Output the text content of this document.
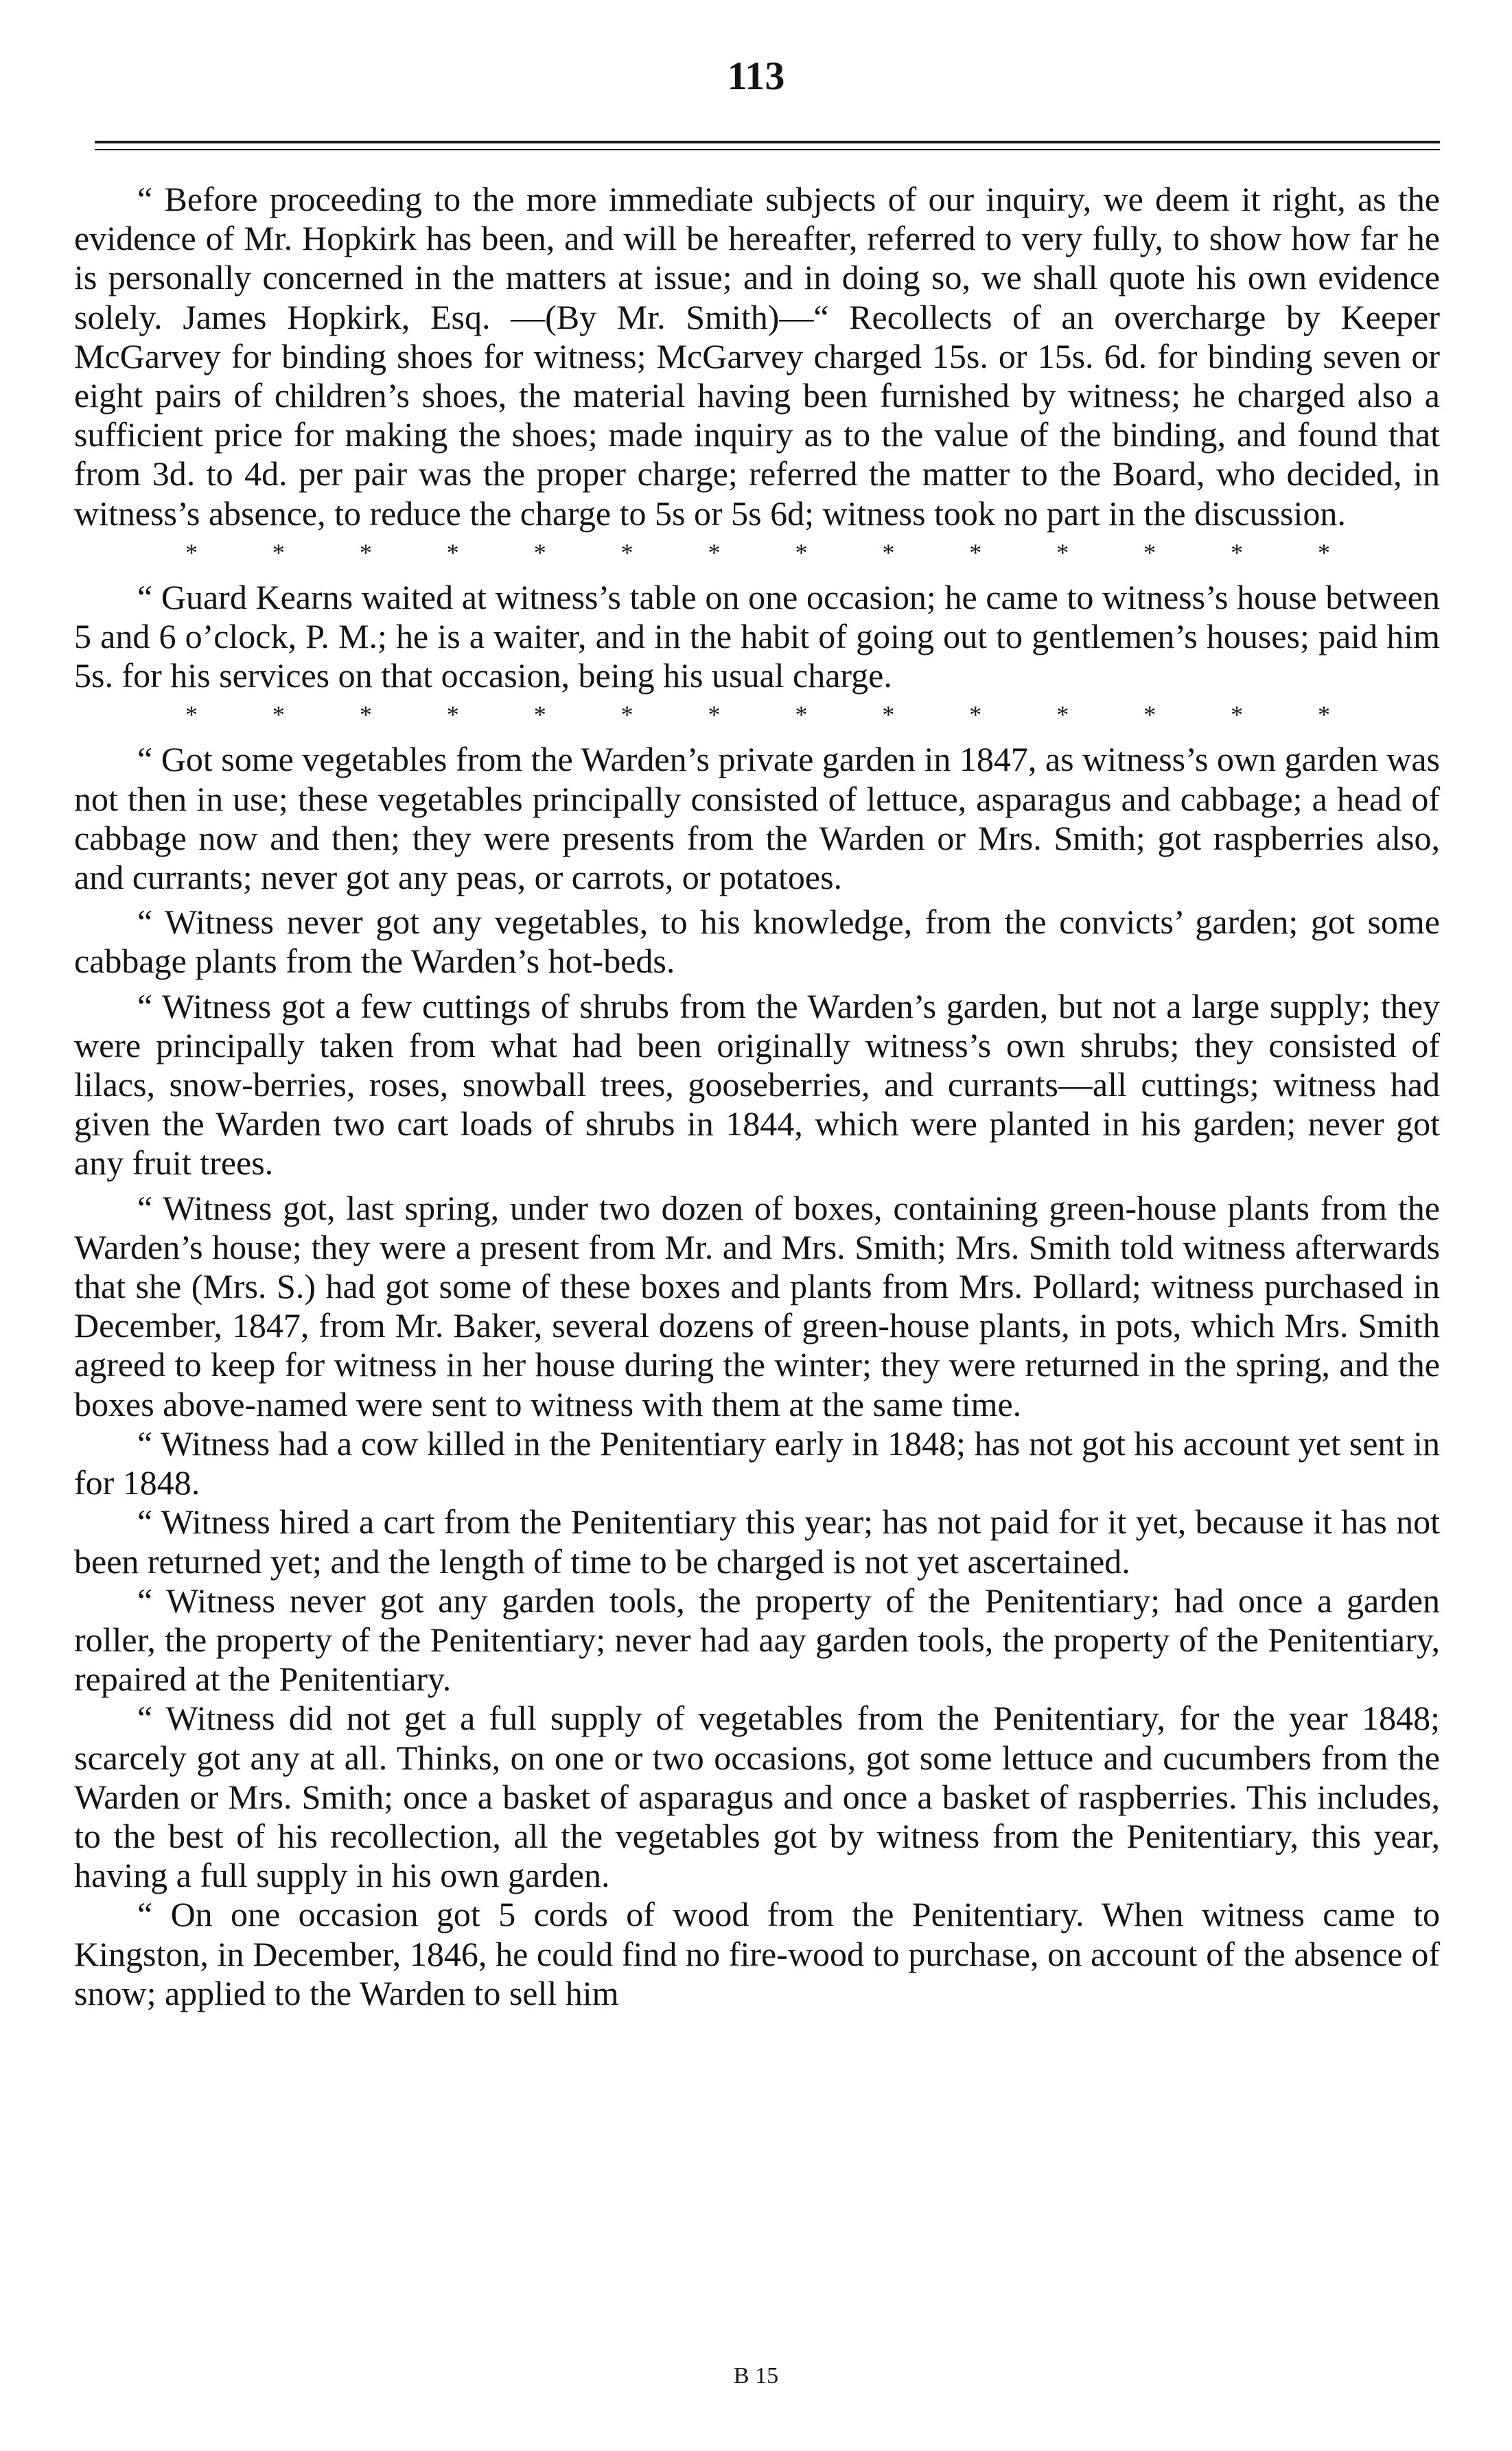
113

“ Before proceeding to the more immediate subjects of our inquiry, we deem it right, as the evidence of Mr. Hopkirk has been, and will be hereafter, referred to very fully, to show how far he is personally concerned in the matters at issue; and in doing so, we shall quote his own evidence solely. James Hopkirk, Esq. —(By Mr. Smith)—“ Recollects of an overcharge by Keeper McGarvey for binding shoes for witness; McGarvey charged 15s. or 15s. 6d. for binding seven or eight pairs of children’s shoes, the material having been furnished by witness; he charged also a sufficient price for making the shoes; made inquiry as to the value of the binding, and found that from 3d. to 4d. per pair was the proper charge; referred the matter to the Board, who decided, in witness’s absence, to reduce the charge to 5s or 5s 6d; witness took no part in the discussion.

*	*	*	*	*	*	*	*	*	*	*	*	*	*

“ Guard Kearns waited at witness’s table on one occasion; he came to witness’s house between 5 and 6 o’clock, P. M.; he is a waiter, and in the habit of going out to gentlemen’s houses; paid him 5s. for his services on that occasion, being his usual charge.

*	*	*	*	*	*	*	*	*	*	*	*	*	*

“ Got some vegetables from the Warden’s private garden in 1847, as witness’s own garden was not then in use; these vegetables principally consisted of lettuce, asparagus and cabbage; a head of cabbage now and then; they were presents from the Warden or Mrs. Smith; got raspberries also, and currants; never got any peas, or carrots, or potatoes.

“ Witness never got any vegetables, to his knowledge, from the convicts’ garden; got some cabbage plants from the Warden’s hot-beds.

“ Witness got a few cuttings of shrubs from the Warden’s garden, but not a large supply; they were principally taken from what had been originally witness’s own shrubs; they consisted of lilacs, snow-berries, roses, snowball trees, gooseberries, and currants—all cuttings; witness had given the Warden two cart loads of shrubs in 1844, which were planted in his garden; never got any fruit trees.

“ Witness got, last spring, under two dozen of boxes, containing green-house plants from the Warden’s house; they were a present from Mr. and Mrs. Smith; Mrs. Smith told witness afterwards that she (Mrs. S.) had got some of these boxes and plants from Mrs. Pollard; witness purchased in December, 1847, from Mr. Baker, several dozens of green-house plants, in pots, which Mrs. Smith agreed to keep for witness in her house during the winter; they were returned in the spring, and the boxes above-named were sent to witness with them at the same time.

“ Witness had a cow killed in the Penitentiary early in 1848; has not got his account yet sent in for 1848.

“ Witness hired a cart from the Penitentiary this year; has not paid for it yet, because it has not been returned yet; and the length of time to be charged is not yet ascertained.

“ Witness never got any garden tools, the property of the Penitentiary; had once a garden roller, the property of the Penitentiary; never had aay garden tools, the property of the Penitentiary, repaired at the Penitentiary.

“ Witness did not get a full supply of vegetables from the Penitentiary, for the year 1848; scarcely got any at all. Thinks, on one or two occasions, got some lettuce and cucumbers from the Warden or Mrs. Smith; once a basket of asparagus and once a basket of raspberries. This includes, to the best of his recollection, all the vegetables got by witness from the Penitentiary, this year, having a full supply in his own garden.

“ On one occasion got 5 cords of wood from the Penitentiary. When witness came to Kingston, in December, 1846, he could find no fire-wood to purchase, on account of the absence of snow; applied to the Warden to sell him

B 15
